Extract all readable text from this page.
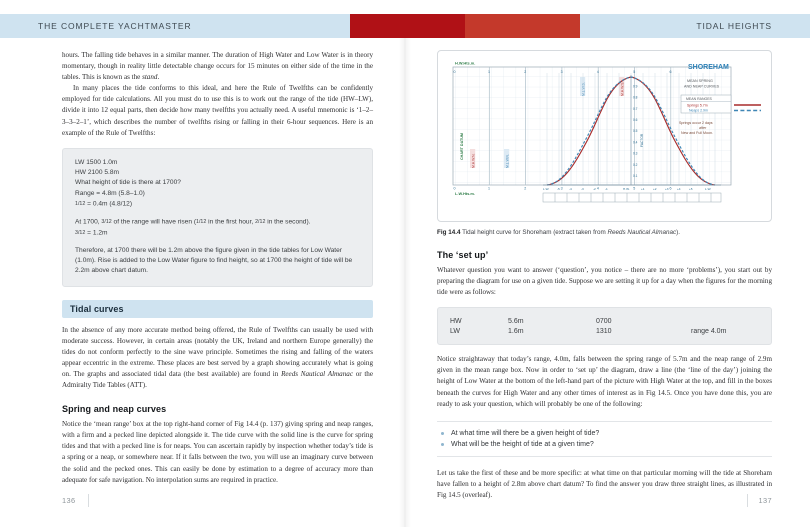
THE COMPLETE YACHTMASTER	TIDAL HEIGHTS

hours. The falling tide behaves in a similar manner. The duration of High Water and Low Water is in theory momentary, though in reality little detectable change occurs for 15 minutes on either side of the time in the tables. This is known as the stand.

In many places the tide conforms to this ideal, and here the Rule of Twelfths can be confidently employed for tide calculations. All you must do to use this is to work out the range of the tide (HW–LW), divide it into 12 equal parts, then decide how many twelfths you actually need. A useful mnemonic is ‘1–2–3–3–2–1’, which describes the number of twelfths rising or falling in their 6-hour sequences. Here is an example of the Rule of Twelfths:

LW 1500 1.0m

HW 2100 5.8m

What height of tide is there at 1700?

Range = 4.8m (5.8–1.0)

1/12 = 0.4m (4.8/12)

At 1700, 3/12 of the range will have risen (1/12 in the first hour, 2/12 in the second).

3/12 = 1.2m

Therefore, at 1700 there will be 1.2m above the figure given in the tide tables for Low Water (1.0m). Rise is added to the Low Water figure to find height, so at 1700 the height of tide will be 2.2m above chart datum.

Tidal curves

In the absence of any more accurate method being offered, the Rule of Twelfths can usually be used with moderate success. However, in certain areas (notably the UK, Ireland and northern Europe generally) the tides do not conform perfectly to the sine wave principle. Sometimes the rising and falling of the waters appear eccentric in the extreme. These places are best served by a graph showing accurately what is going on. The graphs and associated tidal data (the best available) are found in Reeds Nautical Almanac or the Admiralty Tide Tables (ATT).

Spring and neap curves

Notice the ‘mean range’ box at the top right-hand corner of Fig 14.4 (p. 137) giving spring and neap ranges, with a firm and a pecked line depicted alongside it. The tide curve with the solid line is the curve for spring tides and that with a pecked line is for neaps. You can ascertain rapidly by inspection whether today’s tide is a spring or a neap, or somewhere near. If it falls between the two, you will use an imaginary curve between the solid and the pecked ones. This can easily be done by estimation to a degree of accuracy more than adequate for safe navigation. No interpolation sums are required in practice.

136
0	1	2	3	4	5	6
0	1	2	3	4	5	6
H.W.Hts.m.
L.W.Hts.m.
CHART DATUM
M.H.W.N.	M.L.W.N.
M.L.W.S.	M.H.W.S.
0.1
0.2
0.3
0.4
0.5
0.6
0.7
0.8
0.9
FACTOR
L.W.	-5	-4	-3	-2	-1	H.W.	+1	+2	+3	+4	+5	L.W.
SHOREHAM
MEAN SPRING
AND NEAP CURVES
MEAN RANGES
Springs 5.7m
Neaps 2.9m
Springs occur 2 days
after
New and Full Moon.
Fig 14.4 Tidal height curve for Shoreham (extract taken from Reeds Nautical Almanac).
The ‘set up’

Whatever question you want to answer (‘question’, you notice – there are no more ‘problems’), you start out by preparing the diagram for use on a given tide. Suppose we are setting it up for a day when the figures for the morning tide were as follows:

HW	5.6m	0700	
LW	1.6m	1310	range 4.0m

Notice straightaway that today’s range, 4.0m, falls between the spring range of 5.7m and the neap range of 2.9m given in the mean range box. Now in order to ‘set up’ the diagram, draw a line (the ‘line of the day’) joining the height of Low Water at the bottom of the left-hand part of the picture with High Water at the top, and fill in the boxes beneath the curves for High Water and any other times of interest as in Fig 14.5. Once you have done this, you are ready to ask your question, which will probably be one of the following:

At what time will there be a given height of tide?
What will be the height of tide at a given time?

Let us take the first of these and be more specific: at what time on that particular morning will the tide at Shoreham have fallen to a height of 2.8m above chart datum? To find the answer you draw three straight lines, as illustrated in Fig 14.5 (overleaf).

137
